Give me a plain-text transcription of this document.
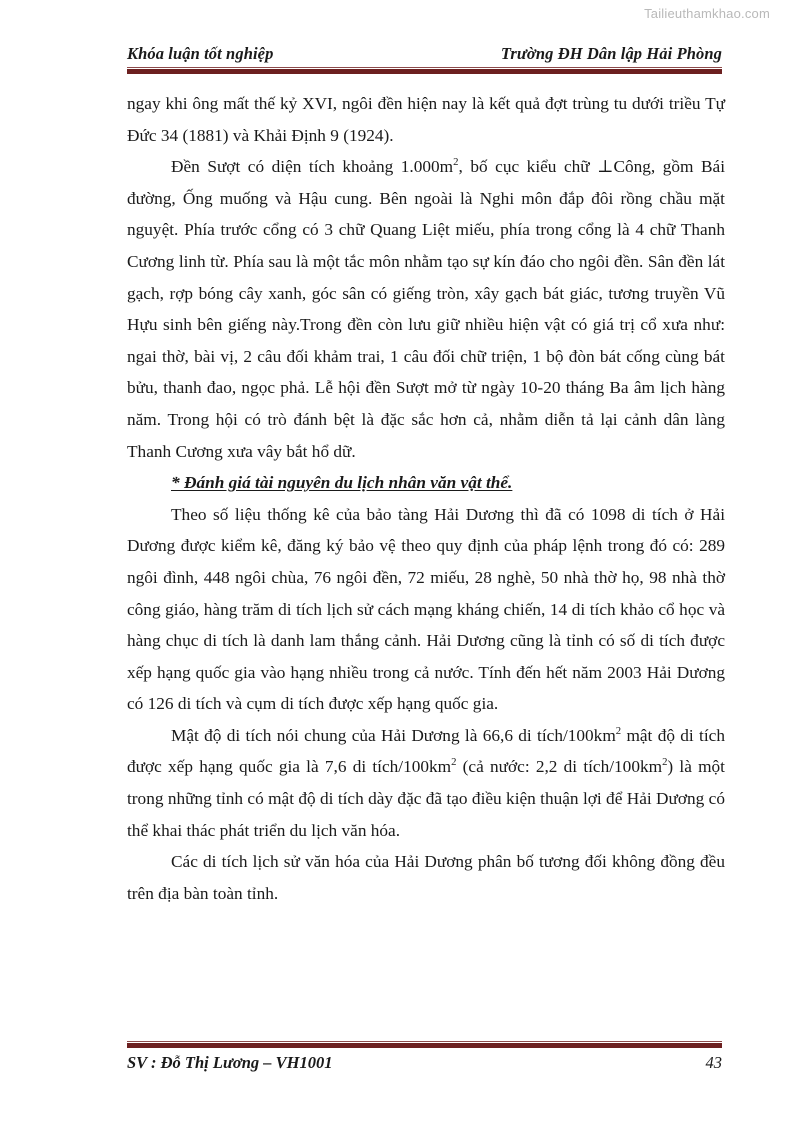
Tailieuthamkhao.com
Khóa luận tốt nghiệp	Trường ĐH Dân lập Hải Phòng

ngay khi ông mất thế kỷ XVI, ngôi đền hiện nay là kết quả đợt trùng tu dưới triều Tự Đức 34 (1881) và Khải Định 9 (1924).

Đền Sượt có diện tích khoảng $1.000m^2$, bố cục kiểu chữ ⊥Công, gồm Bái đường, Ống muống và Hậu cung. Bên ngoài là Nghi môn đắp đôi rồng chầu mặt nguyệt. Phía trước cổng có 3 chữ Quang Liệt miếu, phía trong cổng là 4 chữ Thanh Cương linh từ. Phía sau là một tắc môn nhằm tạo sự kín đáo cho ngôi đền. Sân đền lát gạch, rợp bóng cây xanh, góc sân có giếng tròn, xây gạch bát giác, tương truyền Vũ Hựu sinh bên giếng này.Trong đền còn lưu giữ nhiều hiện vật có giá trị cổ xưa như: ngai thờ, bài vị, 2 câu đối khảm trai, 1 câu đối chữ triện, 1 bộ đòn bát cống cùng bát bửu, thanh đao, ngọc phả. Lễ hội đền Sượt mở từ ngày 10-20 tháng Ba âm lịch hàng năm. Trong hội có trò đánh bệt là đặc sắc hơn cả, nhằm diễn tả lại cảnh dân làng Thanh Cương xưa vây bắt hổ dữ.

* Đánh giá tài nguyên du lịch nhân văn vật thể.

Theo số liệu thống kê của bảo tàng Hải Dương thì đã có 1098 di tích ở Hải Dương được kiểm kê, đăng ký bảo vệ theo quy định của pháp lệnh trong đó có: 289 ngôi đình, 448 ngôi chùa, 76 ngôi đền, 72 miếu, 28 nghè, 50 nhà thờ họ, 98 nhà thờ công giáo, hàng trăm di tích lịch sử cách mạng kháng chiến, 14 di tích khảo cổ học và hàng chục di tích là danh lam thắng cảnh. Hải Dương cũng là tỉnh có số di tích được xếp hạng quốc gia vào hạng nhiều trong cả nước. Tính đến hết năm 2003 Hải Dương có 126 di tích và cụm di tích được xếp hạng quốc gia.

Mật độ di tích nói chung của Hải Dương là 66,6 di tích/$100km^2$ mật độ di tích được xếp hạng quốc gia là 7,6 di tích/$100km^2$ (cả nước: 2,2 di tích/$100km^2$) là một trong những tỉnh có mật độ di tích dày đặc đã tạo điều kiện thuận lợi để Hải Dương có thể khai thác phát triển du lịch văn hóa.

Các di tích lịch sử văn hóa của Hải Dương phân bố tương đối không đồng đều trên địa bàn toàn tỉnh.

SV : Đỗ Thị Lương – VH1001	43
